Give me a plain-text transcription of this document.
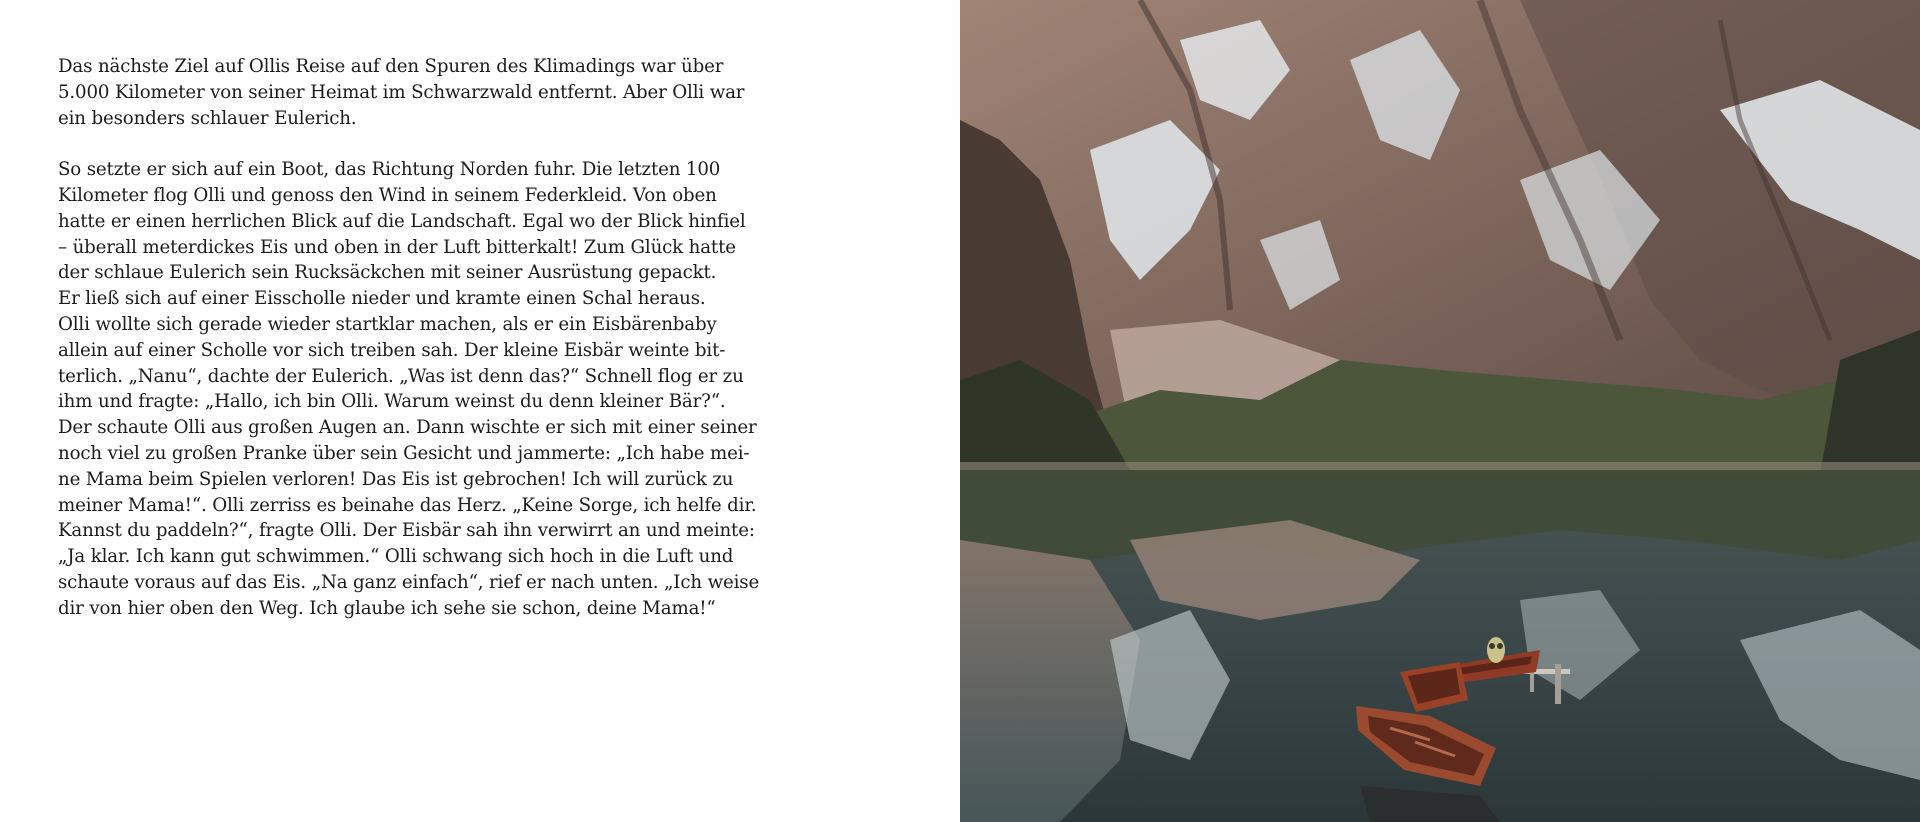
Das nächste Ziel auf Ollis Reise auf den Spuren des Klimadings war über
5.000 Kilometer von seiner Heimat im Schwarzwald entfernt. Aber Olli war
ein besonders schlauer Eulerich.

So setzte er sich auf ein Boot, das Richtung Norden fuhr. Die letzten 100
Kilometer flog Olli und genoss den Wind in seinem Federkleid. Von oben
hatte er einen herrlichen Blick auf die Landschaft. Egal wo der Blick hinfiel
– überall meterdickes Eis und oben in der Luft bitterkalt! Zum Glück hatte
der schlaue Eulerich sein Rucksäckchen mit seiner Ausrüstung gepackt.
Er ließ sich auf einer Eisscholle nieder und kramte einen Schal heraus.
Olli wollte sich gerade wieder startklar machen, als er ein Eisbärenbaby
allein auf einer Scholle vor sich treiben sah. Der kleine Eisbär weinte bit-
terlich. „Nanu“, dachte der Eulerich. „Was ist denn das?“ Schnell flog er zu
ihm und fragte: „Hallo, ich bin Olli. Warum weinst du denn kleiner Bär?“.
Der schaute Olli aus großen Augen an. Dann wischte er sich mit einer seiner
noch viel zu großen Pranke über sein Gesicht und jammerte: „Ich habe mei-
ne Mama beim Spielen verloren! Das Eis ist gebrochen! Ich will zurück zu
meiner Mama!“. Olli zerriss es beinahe das Herz. „Keine Sorge, ich helfe dir.
Kannst du paddeln?“, fragte Olli. Der Eisbär sah ihn verwirrt an und meinte:
„Ja klar. Ich kann gut schwimmen.“ Olli schwang sich hoch in die Luft und
schaute voraus auf das Eis. „Na ganz einfach“, rief er nach unten. „Ich weise
dir von hier oben den Weg. Ich glaube ich sehe sie schon, deine Mama!“
